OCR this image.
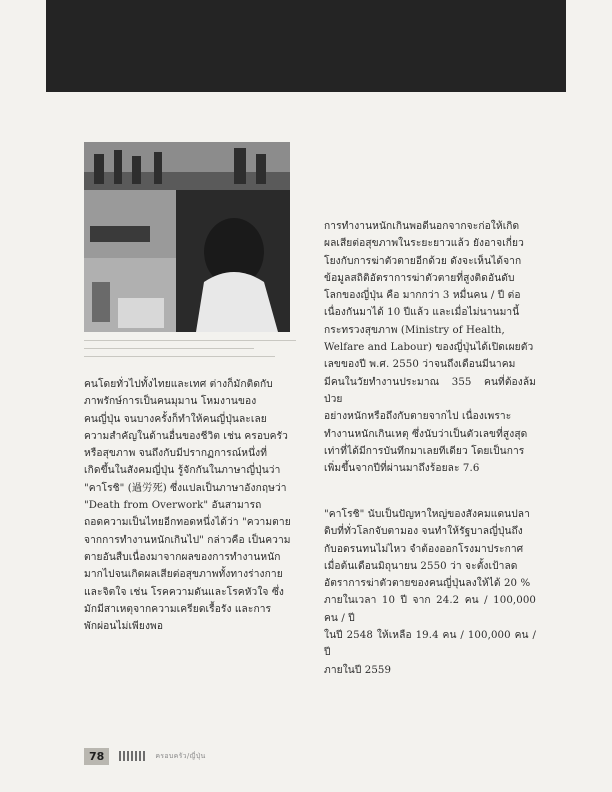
คนโดยทั่วไปทั้งไทยและเทศ ต่างก็มักติดกับ
ภาพรักษ์การเป็นคนมุมาน โหมงานของ
คนญี่ปุ่น จนบางครั้งก็ทำให้คนญี่ปุ่นละเลย
ความสำคัญในด้านอื่นของชีวิต เช่น ครอบครัว
หรือสุขภาพ จนถึงกับมีปรากฏการณ์หนึ่งที่
เกิดขึ้นในสังคมญี่ปุ่น รู้จักกันในภาษาญี่ปุ่นว่า
"คาโรชิ" (過労死) ซึ่งแปลเป็นภาษาอังกฤษว่า
"Death from Overwork" อันสามารถ
ถอดความเป็นไทยอีกทอดหนึ่งได้ว่า "ความตาย
จากการทำงานหนักเกินไป" กล่าวคือ เป็นความ
ตายอันสืบเนื่องมาจากผลของการทำงานหนัก
มากไปจนเกิดผลเสียต่อสุขภาพทั้งทางร่างกาย
และจิตใจ เช่น โรคความดันและโรคหัวใจ ซึ่ง
มักมีสาเหตุจากความเครียดเรื้อรัง และการ
พักผ่อนไม่เพียงพอ

การทำงานหนักเกินพอดีนอกจากจะก่อให้เกิด
ผลเสียต่อสุขภาพในระยะยาวแล้ว ยังอาจเกี่ยว
โยงกับการฆ่าตัวตายอีกด้วย ดังจะเห็นได้จาก
ข้อมูลสถิติอัตราการฆ่าตัวตายที่สูงติดอันดับ
โลกของญี่ปุ่น คือ มากกว่า 3 หมื่นคน / ปี ต่อ
เนื่องกันมาได้ 10 ปีแล้ว และเมื่อไม่นานมานี้
กระทรวงสุขภาพ (Ministry of Health,
Welfare and Labour) ของญี่ปุ่นได้เปิดเผยตัว
เลขของปี พ.ศ. 2550 ว่าจนถึงเดือนมีนาคม
มีคนในวัยทำงานประมาณ 355 คนที่ต้องล้มป่วย
อย่างหนักหรือถึงกับตายจากไป เนื่องเพราะ
ทำงานหนักเกินเหตุ ซึ่งนับว่าเป็นตัวเลขที่สูงสุด
เท่าที่ได้มีการบันทึกมาเลยทีเดียว โดยเป็นการ
เพิ่มขึ้นจากปีที่ผ่านมาถึงร้อยละ 7.6

"คาโรชิ" นับเป็นปัญหาใหญ่ของสังคมแดนปลา
ดิบที่ทั่วโลกจับตามอง จนทำให้รัฐบาลญี่ปุ่นถึง
กับอดรนทนไม่ไหว จำต้องออกโรงมาประกาศ
เมื่อต้นเดือนมิถุนายน 2550 ว่า จะตั้งเป้าลด
อัตราการฆ่าตัวตายของคนญี่ปุ่นลงให้ได้ 20 %
ภายในเวลา 10 ปี จาก 24.2 คน / 100,000 คน / ปี
ในปี 2548 ให้เหลือ 19.4 คน / 100,000 คน / ปี
ภายในปี 2559

78	ครอบครัว/ญี่ปุ่น
